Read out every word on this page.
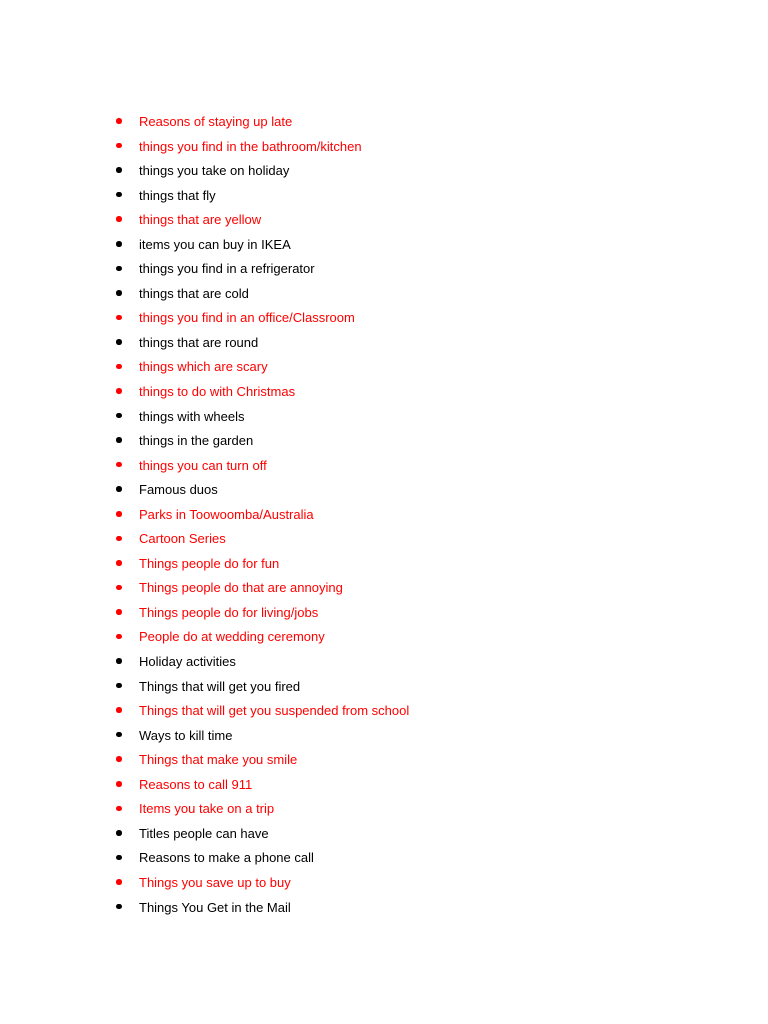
Reasons of staying up late
things you find in the bathroom/kitchen
things you take on holiday
things that fly
things that are yellow
items you can buy in IKEA
things you find in a refrigerator
things that are cold
things you find in an office/Classroom
things that are round
things which are scary
things to do with Christmas
things with wheels
things in the garden
things you can turn off
Famous duos
Parks in Toowoomba/Australia
Cartoon Series
Things people do for fun
Things people do that are annoying
Things people do for living/jobs
People do at wedding ceremony
Holiday activities
Things that will get you fired
Things that will get you suspended from school
Ways to kill time
Things that make you smile
Reasons to call 911
Items you take on a trip
Titles people can have
Reasons to make a phone call
Things you save up to buy
Things You Get in the Mail
